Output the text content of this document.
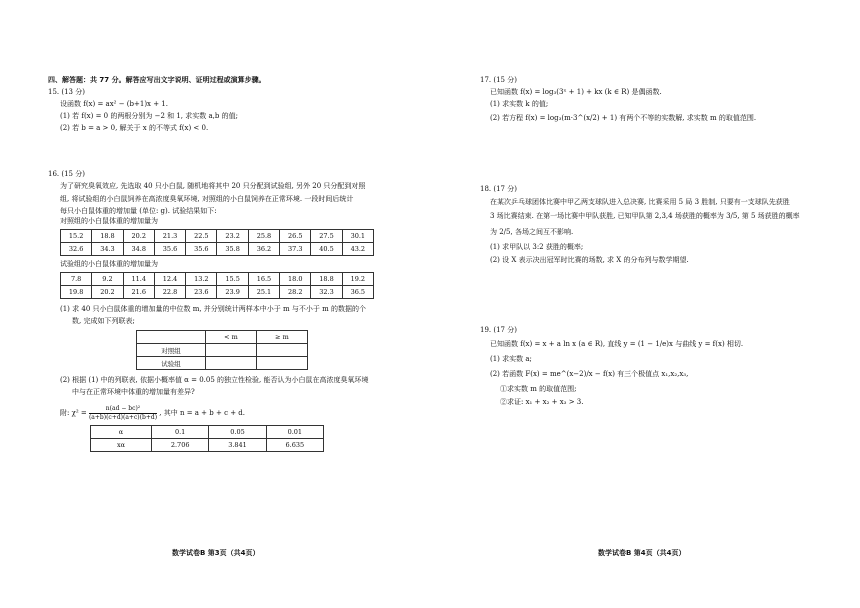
四、解答题：共 77 分。解答应写出文字说明、证明过程或演算步骤。
15. (13 分)
设函数 f(x) = ax² − (b+1)x + 1.
(1) 若 f(x) = 0 的两根分别为 −2 和 1, 求实数 a,b 的值;
(2) 若 b = a > 0, 解关于 x 的不等式 f(x) < 0.
16. (15 分)
为了研究臭氧效应, 先选取 40 只小白鼠, 随机地将其中 20 只分配到试验组, 另外 20 只分配到对照
组, 将试验组的小白鼠饲养在高浓度臭氧环境, 对照组的小白鼠饲养在正常环境. 一段时间后统计
每只小白鼠体重的增加量 (单位: g). 试验结果如下:
对照组的小白鼠体重的增加量为
15.2	18.8	20.2	21.3	22.5	23.2	25.8	26.5	27.5	30.1
32.6	34.3	34.8	35.6	35.6	35.8	36.2	37.3	40.5	43.2
试验组的小白鼠体重的增加量为
7.8	9.2	11.4	12.4	13.2	15.5	16.5	18.0	18.8	19.2
19.8	20.2	21.6	22.8	23.6	23.9	25.1	28.2	32.3	36.5
(1) 求 40 只小白鼠体重的增加量的中位数 m, 并分别统计两样本中小于 m 与不小于 m 的数据的个
数, 完成如下列联表;
	< m	≥ m
对照组		
试验组		
(2) 根据 (1) 中的列联表, 依据小概率值 α = 0.05 的独立性检验, 能否认为小白鼠在高浓度臭氧环境
中与在正常环境中体重的增加量有差异?
附: $\chi^2 = \frac{\text{n(ad − bc)²}}{(a+b)(c+d)(a+c)(b+d)}$ , 其中 n = a + b + c + d.
α	0.1	0.05	0.01
xα	2.706	3.841	6.635
数学试卷B 第3页（共4页）
17. (15 分)
已知函数 f(x) = log₃(3ˣ + 1) + kx (k ∈ R) 是偶函数.
(1) 求实数 k 的值;
(2) 若方程 f(x) = log₃(m·3^(x/2) + 1) 有两个不等的实数解, 求实数 m 的取值范围.
18. (17 分)
在某次乒乓球团体比赛中甲乙两支球队进入总决赛, 比赛采用 5 局 3 胜制, 只要有一支球队先获胜
3 场比赛结束. 在第一场比赛中甲队获胜, 已知甲队第 2,3,4 场获胜的概率为 3/5, 第 5 场获胜的概率
为 2/5, 各场之间互不影响.
(1) 求甲队以 3:2 获胜的概率;
(2) 设 X 表示决出冠军时比赛的场数, 求 X 的分布列与数学期望.
19. (17 分)
已知函数 f(x) = x + a ln x (a ∈ R), 直线 y = (1 − 1/e)x 与曲线 y = f(x) 相切.
(1) 求实数 a;
(2) 若函数 F(x) = me^(x−2)/x − f(x) 有三个极值点 x₁,x₂,x₃,
①求实数 m 的取值范围;
②求证: x₁ + x₂ + x₃ > 3.
数学试卷B 第4页（共4页）
